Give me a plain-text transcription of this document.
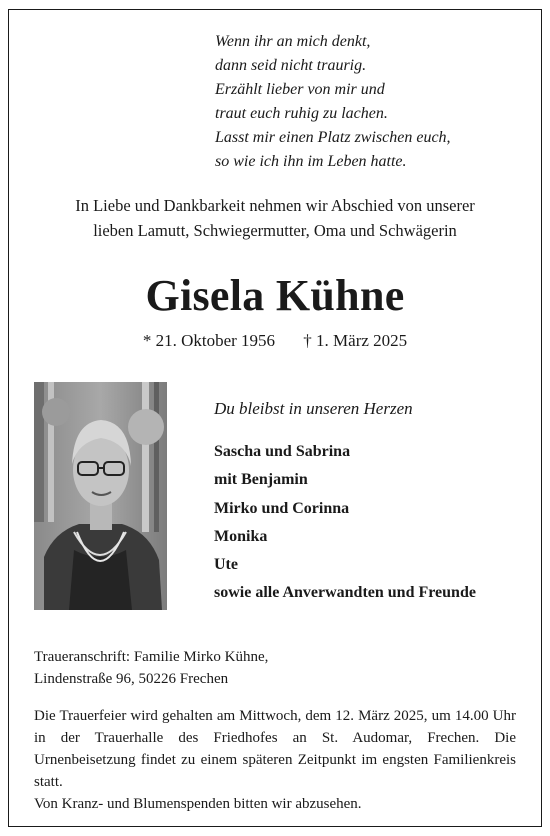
Wenn ihr an mich denkt,
dann seid nicht traurig.
Erzählt lieber von mir und
traut euch ruhig zu lachen.
Lasst mir einen Platz zwischen euch,
so wie ich ihn im Leben hatte.
In Liebe und Dankbarkeit nehmen wir Abschied von unserer
lieben Lamutt, Schwiegermutter, Oma und Schwägerin
Gisela Kühne
* 21. Oktober 1956 † 1. März 2025
Du bleibst in unseren Herzen
Sascha und Sabrina
mit Benjamin
Mirko und Corinna
Monika
Ute
sowie alle Anverwandten und Freunde
Traueranschrift: Familie Mirko Kühne,
Lindenstraße 96, 50226 Frechen
Die Trauerfeier wird gehalten am Mittwoch, dem 12. März 2025, um 14.00 Uhr in der Trauerhalle des Friedhofes an St. Audomar, Frechen. Die Urnenbeisetzung findet zu einem späteren Zeitpunkt im engsten Familienkreis statt.
Von Kranz- und Blumenspenden bitten wir abzusehen.
